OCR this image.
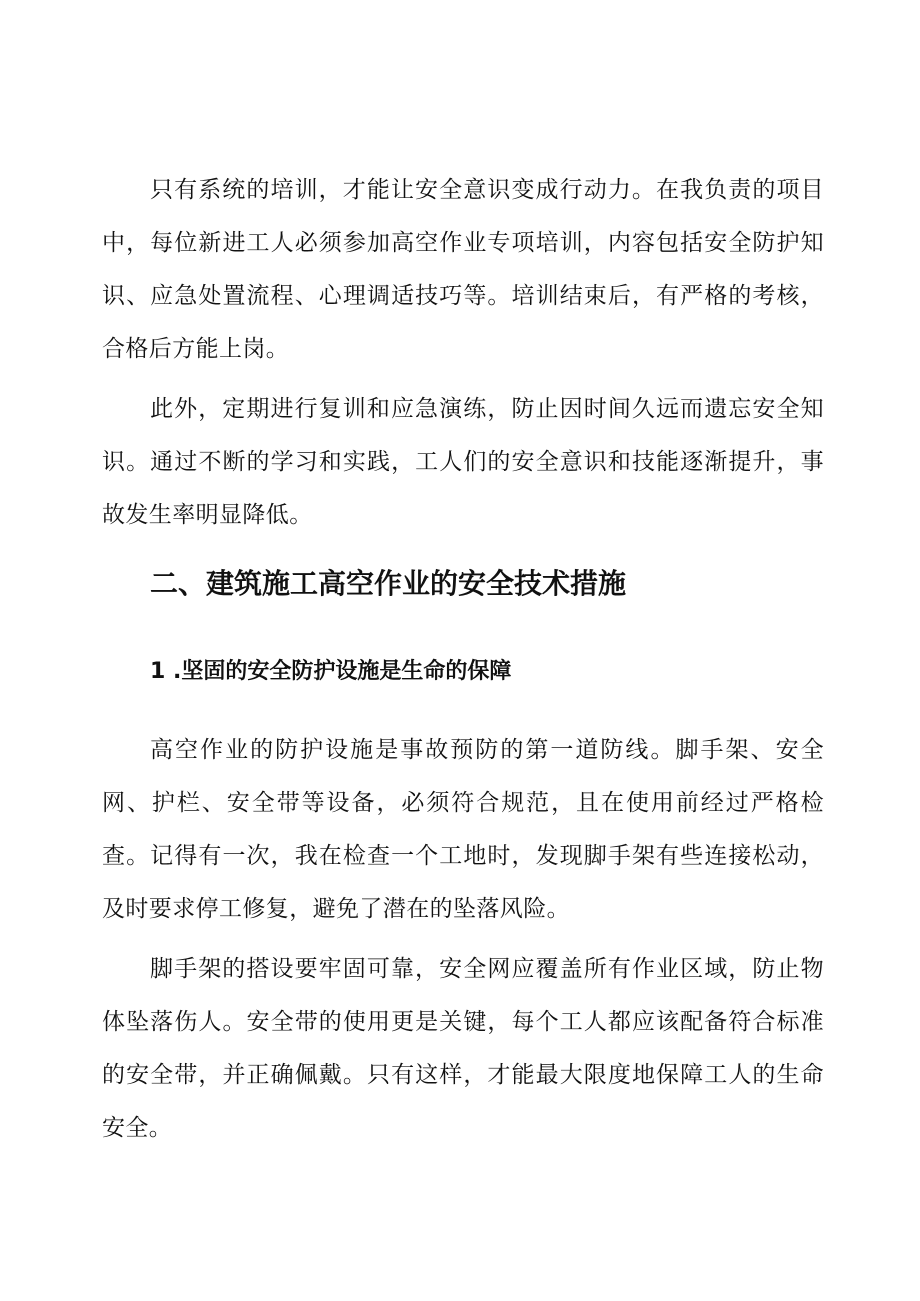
只有系统的培训，才能让安全意识变成行动力。在我负责的项目中，每位新进工人必须参加高空作业专项培训，内容包括安全防护知识、应急处置流程、心理调适技巧等。培训结束后，有严格的考核，合格后方能上岗。

此外，定期进行复训和应急演练，防止因时间久远而遗忘安全知识。通过不断的学习和实践，工人们的安全意识和技能逐渐提升，事故发生率明显降低。

二、建筑施工高空作业的安全技术措施
1 .坚固的安全防护设施是生命的保障

高空作业的防护设施是事故预防的第一道防线。脚手架、安全网、护栏、安全带等设备，必须符合规范，且在使用前经过严格检查。记得有一次，我在检查一个工地时，发现脚手架有些连接松动，及时要求停工修复，避免了潜在的坠落风险。

脚手架的搭设要牢固可靠，安全网应覆盖所有作业区域，防止物体坠落伤人。安全带的使用更是关键，每个工人都应该配备符合标准的安全带，并正确佩戴。只有这样，才能最大限度地保障工人的生命安全。
